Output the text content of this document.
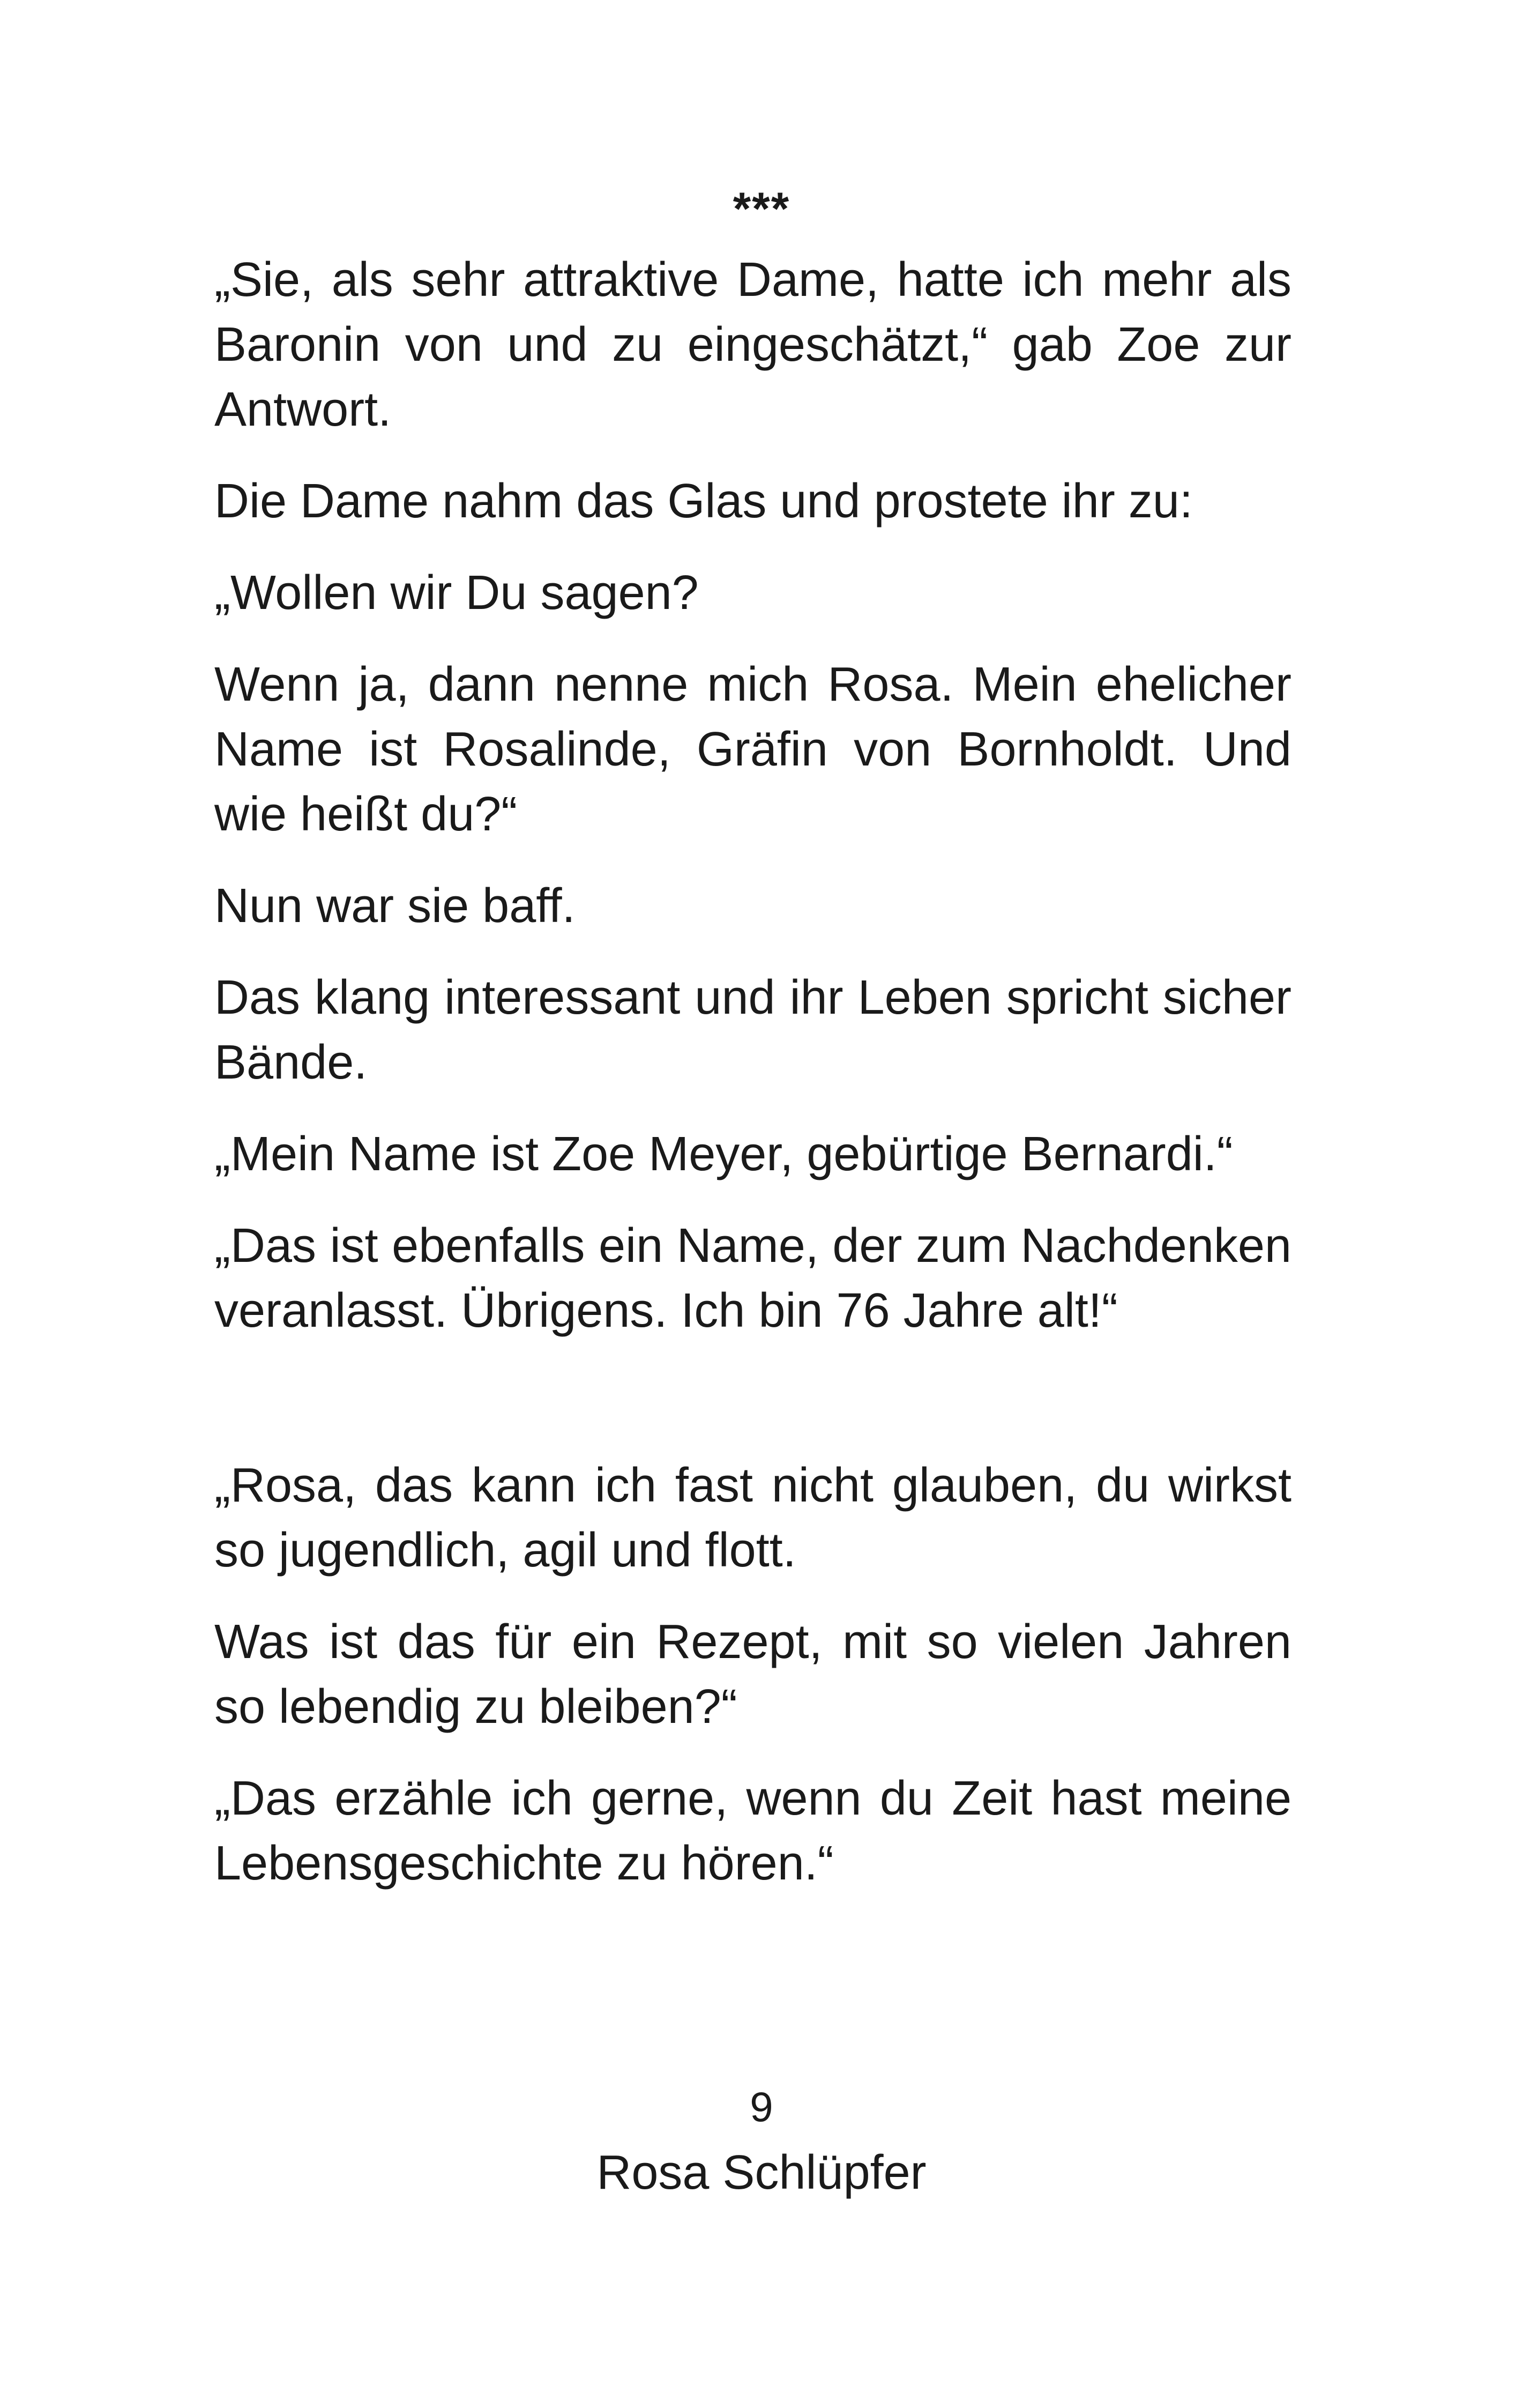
***

„Sie, als sehr attraktive Dame, hatte ich mehr als Baronin von und zu eingeschätzt,“ gab Zoe zur Antwort.

Die Dame nahm das Glas und prostete ihr zu:

„Wollen wir Du sagen?

Wenn ja, dann nenne mich Rosa. Mein ehelicher Name ist Rosalinde, Gräfin von Bornholdt. Und wie heißt du?“

Nun war sie baff.

Das klang interessant und ihr Leben spricht sicher Bände.

„Mein Name ist Zoe Meyer, gebürtige Bernardi.“

„Das ist ebenfalls ein Name, der zum Nachdenken veranlasst. Übrigens. Ich bin 76 Jahre alt!“

„Rosa, das kann ich fast nicht glauben, du wirkst so jugendlich, agil und flott.

Was ist das für ein Rezept, mit so vielen Jahren so lebendig zu bleiben?“

„Das erzähle ich gerne, wenn du Zeit hast meine Lebensgeschichte zu hören.“

9
Rosa Schlüpfer
